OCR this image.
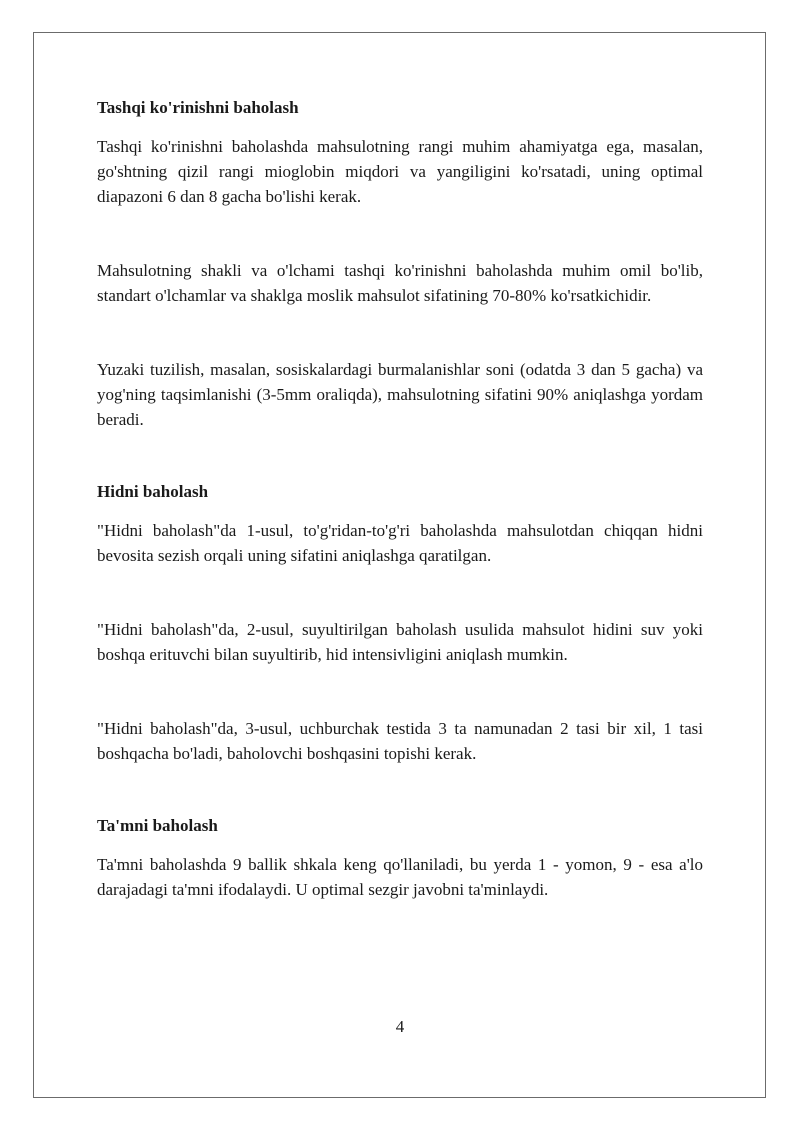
Tashqi ko'rinishni baholash

Tashqi ko'rinishni baholashda mahsulotning rangi muhim ahamiyatga ega, masalan, go'shtning qizil rangi mioglobin miqdori va yangiligini ko'rsatadi, uning optimal diapazoni 6 dan 8 gacha bo'lishi kerak.

Mahsulotning shakli va o'lchami tashqi ko'rinishni baholashda muhim omil bo'lib, standart o'lchamlar va shaklga moslik mahsulot sifatining 70-80% ko'rsatkichidir.

Yuzaki tuzilish, masalan, sosiskalardagi burmalanishlar soni (odatda 3 dan 5 gacha) va yog'ning taqsimlanishi (3-5mm oraliqda), mahsulotning sifatini 90% aniqlashga yordam beradi.

Hidni baholash

"Hidni baholash"da 1-usul, to'g'ridan-to'g'ri baholashda mahsulotdan chiqqan hidni bevosita sezish orqali uning sifatini aniqlashga qaratilgan.

"Hidni baholash"da, 2-usul, suyultirilgan baholash usulida mahsulot hidini suv yoki boshqa erituvchi bilan suyultirib, hid intensivligini aniqlash mumkin.

"Hidni baholash"da, 3-usul, uchburchak testida 3 ta namunadan 2 tasi bir xil, 1 tasi boshqacha bo'ladi, baholovchi boshqasini topishi kerak.

Ta'mni baholash

Ta'mni baholashda 9 ballik shkala keng qo'llaniladi, bu yerda 1 - yomon, 9 - esa a'lo darajadagi ta'mni ifodalaydi. U optimal sezgir javobni ta'minlaydi.

4
